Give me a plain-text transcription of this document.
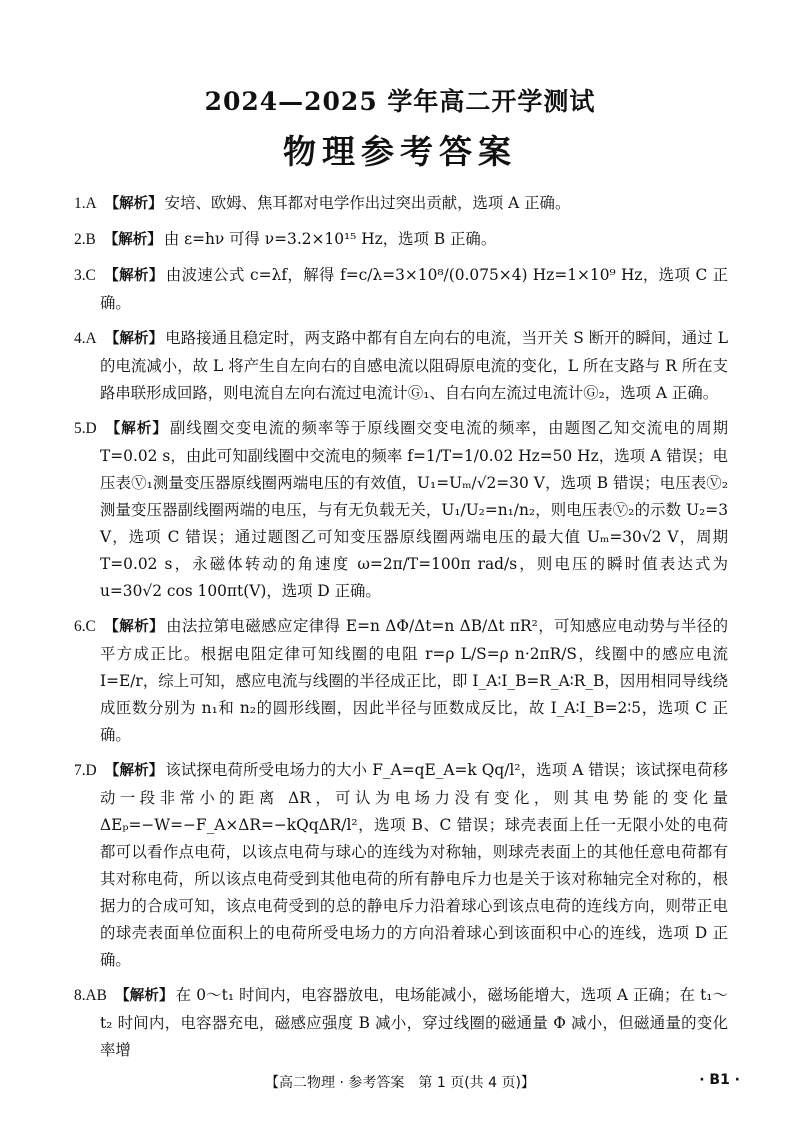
2024—2025 学年高二开学测试
物理参考答案
1.A 【解析】 安培、欧姆、焦耳都对电学作出过突出贡献，选项 A 正确。
2.B 【解析】 由 ε=hν 可得 ν=3.2×10¹⁵ Hz，选项 B 正确。
3.C 【解析】 由波速公式 c=λf，解得 f=c/λ=3×10⁸/(0.075×4) Hz=1×10⁹ Hz，选项 C 正确。
4.A 【解析】 电路接通且稳定时，两支路中都有自左向右的电流，当开关 S 断开的瞬间，通过 L 的电流减小，故 L 将产生自左向右的自感电流以阻碍原电流的变化，L 所在支路与 R 所在支路串联形成回路，则电流自左向右流过电流计Ⓖ₁、自右向左流过电流计Ⓖ₂，选项 A 正确。
5.D 【解析】 副线圈交变电流的频率等于原线圈交变电流的频率，由题图乙知交流电的周期 T=0.02 s，由此可知副线圈中交流电的频率 f=1/T=1/0.02 Hz=50 Hz，选项 A 错误；电压表Ⓥ₁测量变压器原线圈两端电压的有效值，U₁=Uₘ/√2=30 V，选项 B 错误；电压表Ⓥ₂测量变压器副线圈两端的电压，与有无负载无关，U₁/U₂=n₁/n₂，则电压表Ⓥ₂的示数 U₂=3 V，选项 C 错误；通过题图乙可知变压器原线圈两端电压的最大值 Uₘ=30√2 V，周期 T=0.02 s，永磁体转动的角速度 ω=2π/T=100π rad/s，则电压的瞬时值表达式为 u=30√2 cos 100πt(V)，选项 D 正确。
6.C 【解析】 由法拉第电磁感应定律得 E=n ΔΦ/Δt=n ΔB/Δt πR²，可知感应电动势与半径的平方成正比。根据电阻定律可知线圈的电阻 r=ρ L/S=ρ n·2πR/S，线圈中的感应电流 I=E/r，综上可知，感应电流与线圈的半径成正比，即 I_A∶I_B=R_A∶R_B，因用相同导线绕成匝数分别为 n₁和 n₂的圆形线圈，因此半径与匝数成反比，故 I_A∶I_B=2∶5，选项 C 正确。
7.D 【解析】 该试探电荷所受电场力的大小 F_A=qE_A=k Qq/l²，选项 A 错误；该试探电荷移动一段非常小的距离 ΔR，可认为电场力没有变化，则其电势能的变化量 ΔEₚ=−W=−F_A×ΔR=−kQqΔR/l²，选项 B、C 错误；球壳表面上任一无限小处的电荷都可以看作点电荷，以该点电荷与球心的连线为对称轴，则球壳表面上的其他任意电荷都有其对称电荷，所以该点电荷受到其他电荷的所有静电斥力也是关于该对称轴完全对称的，根据力的合成可知，该点电荷受到的总的静电斥力沿着球心到该点电荷的连线方向，则带正电的球壳表面单位面积上的电荷所受电场力的方向沿着球心到该面积中心的连线，选项 D 正确。
8.AB 【解析】 在 0～t₁ 时间内，电容器放电，电场能减小，磁场能增大，选项 A 正确；在 t₁～t₂ 时间内，电容器充电，磁感应强度 B 减小，穿过线圈的磁通量 Φ 减小，但磁通量的变化率增
【高二物理 · 参考答案　第 1 页(共 4 页)】	· B1 ·
